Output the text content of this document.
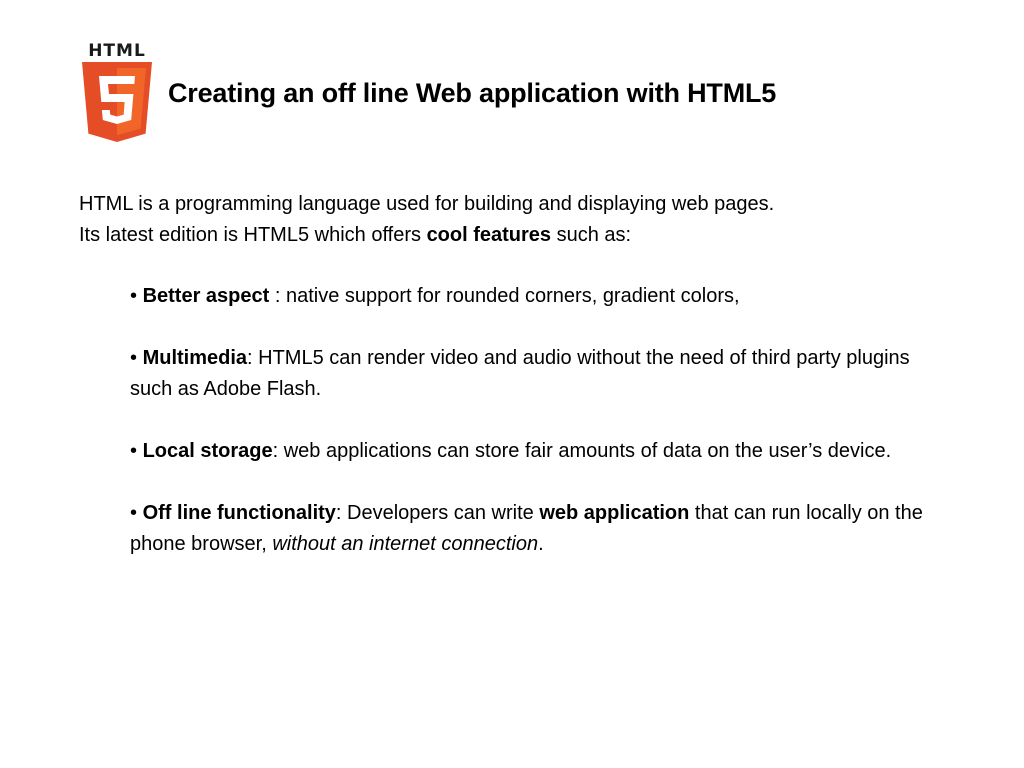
HTML
Creating an off line Web application with HTML5

HTML is a programming language used for building and displaying web pages.

Its latest edition is HTML5 which offers cool features such as:

• Better aspect : native support for rounded corners, gradient colors,

• Multimedia: HTML5 can render video and audio without the need of third party plugins such as Adobe Flash.

• Local storage: web applications can store fair amounts of data on the user’s device.

• Off line functionality: Developers can write web application that can run locally on the phone browser, without an internet connection.
